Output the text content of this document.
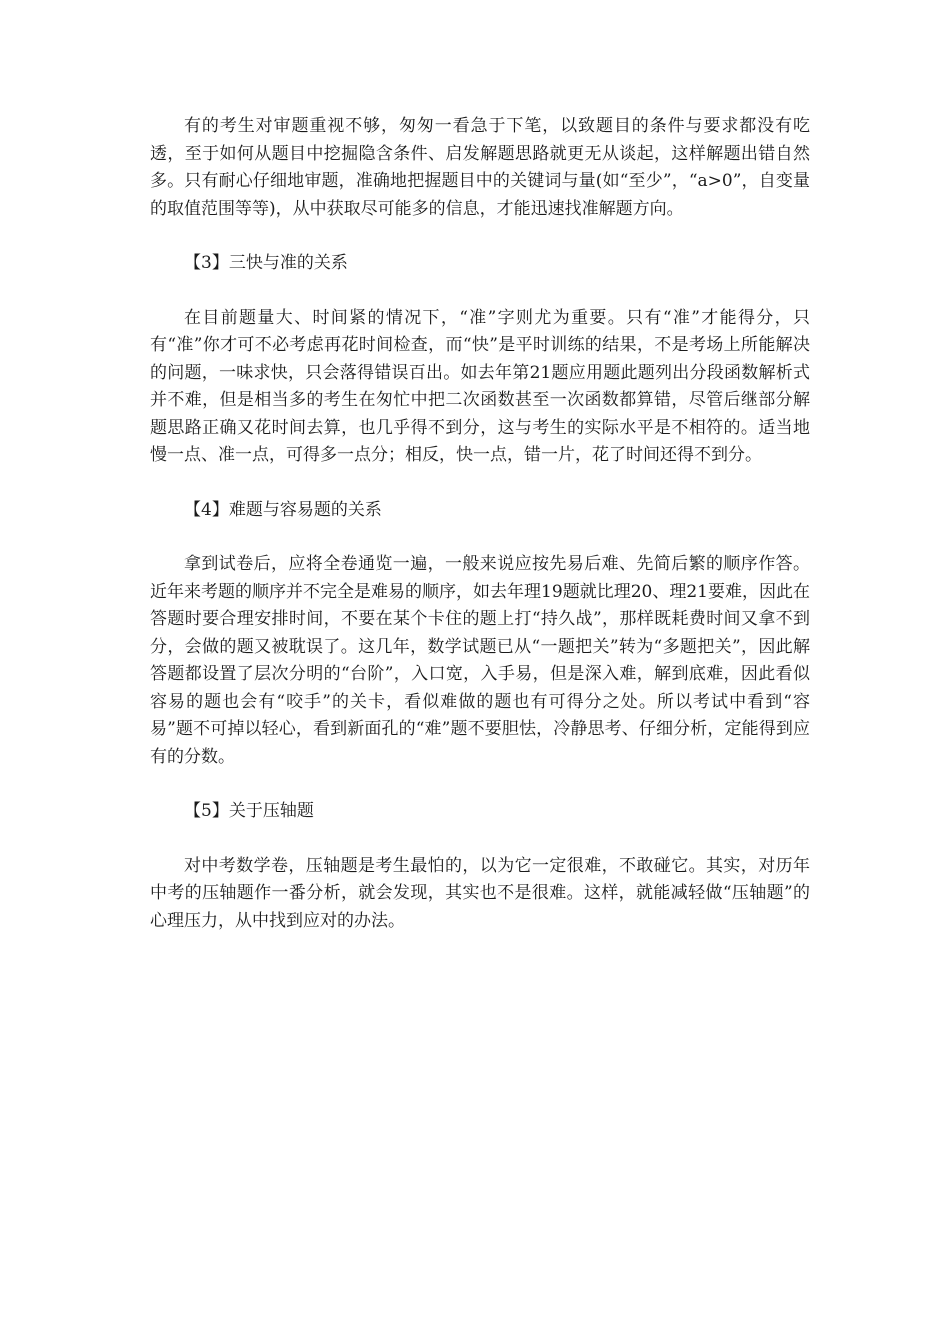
有的考生对审题重视不够，匆匆一看急于下笔，以致题目的条件与要求都没有吃透，至于如何从题目中挖掘隐含条件、启发解题思路就更无从谈起，这样解题出错自然多。只有耐心仔细地审题，准确地把握题目中的关键词与量(如“至少”，“a>0”，自变量的取值范围等等)，从中获取尽可能多的信息，才能迅速找准解题方向。

【3】三快与准的关系

在目前题量大、时间紧的情况下，“准”字则尤为重要。只有“准”才能得分，只有“准”你才可不必考虑再花时间检查，而“快”是平时训练的结果，不是考场上所能解决的问题，一味求快，只会落得错误百出。如去年第21题应用题此题列出分段函数解析式并不难，但是相当多的考生在匆忙中把二次函数甚至一次函数都算错，尽管后继部分解题思路正确又花时间去算，也几乎得不到分，这与考生的实际水平是不相符的。适当地慢一点、准一点，可得多一点分；相反，快一点，错一片，花了时间还得不到分。

【4】难题与容易题的关系

拿到试卷后，应将全卷通览一遍，一般来说应按先易后难、先简后繁的顺序作答。近年来考题的顺序并不完全是难易的顺序，如去年理19题就比理20、理21要难，因此在答题时要合理安排时间，不要在某个卡住的题上打“持久战”，那样既耗费时间又拿不到分，会做的题又被耽误了。这几年，数学试题已从“一题把关”转为“多题把关”，因此解答题都设置了层次分明的“台阶”，入口宽，入手易，但是深入难，解到底难，因此看似容易的题也会有“咬手”的关卡，看似难做的题也有可得分之处。所以考试中看到“容易”题不可掉以轻心，看到新面孔的“难”题不要胆怯，冷静思考、仔细分析，定能得到应有的分数。

【5】关于压轴题

对中考数学卷，压轴题是考生最怕的，以为它一定很难，不敢碰它。其实，对历年中考的压轴题作一番分析，就会发现，其实也不是很难。这样，就能减轻做“压轴题”的心理压力，从中找到应对的办法。
